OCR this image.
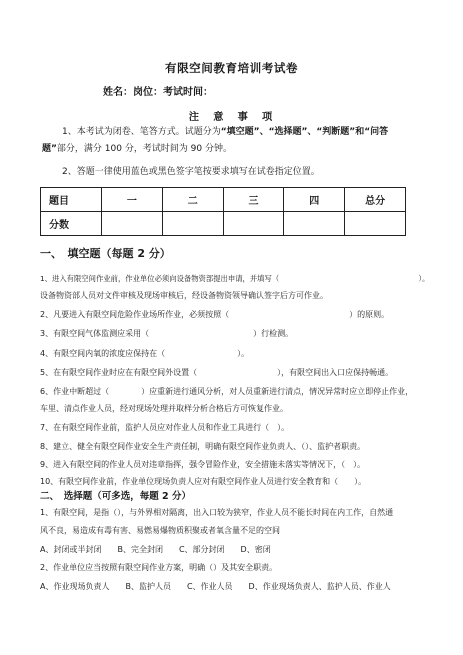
有限空间教育培训考试卷
姓名：岗位：考试时间：
注　意　事　项
1、本考试为闭卷、笔答方式。试题分为“填空题”、“选择题”、“判断题”和“问答
题”部分，满分 100 分，考试时间为 90 分钟。
2、答题一律使用蓝色或黑色签字笔按要求填写在试卷指定位置。
题目	一	二	三	四	总分
分数					
一、　填空题（每题 2 分）
1、进入有限空间作业前，作业单位必须向设备物资部提出申请，并填写（　　　　　　　　　　　　　　　　　　　）。
设备物资部人员对文件审核及现场审核后，经设备物资领导确认签字后方可作业。
2、凡要进入有限空间危险作业场所作业，必须按照（　　　　　　　　　　　　　　　）的原则。
3、有限空间气体监测应采用（　　　　　　　　　　　　　）行检测。
4、有限空间内氧的浓度应保持在（　　　　　　　　　）。
5、在有限空间作业时应在有限空间外设置（　　　　　　　　　　），有限空间出入口应保持畅通。
6、作业中断超过（　　　　）应重新进行通风分析，对人员重新进行清点，情况异常时应立即停止作业，
车里、清点作业人员，经对现场处理并取样分析合格后方可恢复作业。
7、在有限空间作业前，监护人员应对作业人员和作业工具进行（　）。
8、建立、健全有限空间作业安全生产责任制，明确有限空间作业负责人、（）、监护者职责。
9、进入有限空间的作业人员对违章指挥，强令冒险作业，安全措施未落实等情况下，（　）。
10、有限空间作业前，作业单位现场负责人应对有限空间作业人员进行安全教育和（　　）。
二、　选择题（可多选，每题 2 分）
1、有限空间，是指（），与外界相对隔离，出入口较为狭窄，作业人员不能长时间在内工作，自然通
风不良，易造成有毒有害、易燃易爆物质积聚或者氧含量不足的空间
A、封闭或半封闭　　B、完全封闭　　C、部分封闭　　D、密闭
2、作业单位应当按照有限空间作业方案，明确（）及其安全职责。
A、作业现场负责人　　B、监护人员　　C、作业人员　　D、作业现场负责人、监护人员、作业人
